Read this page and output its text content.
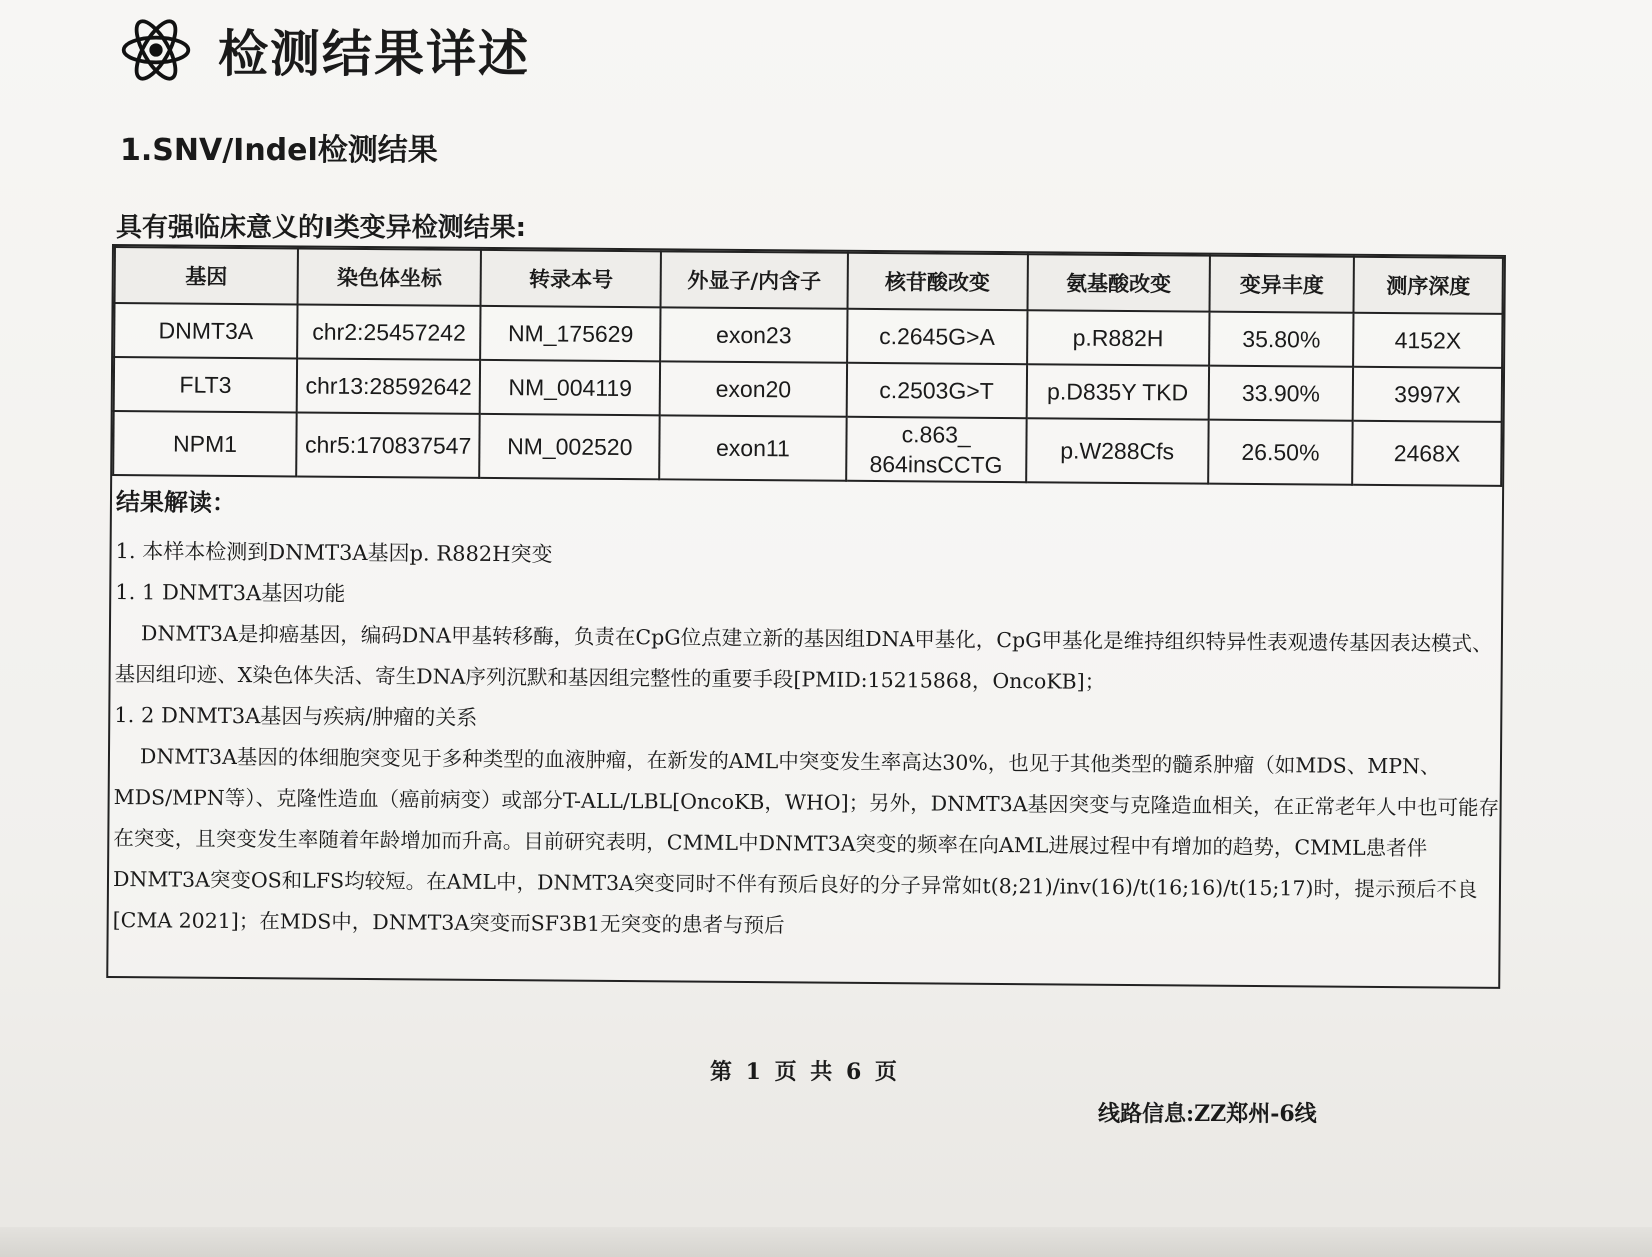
检测结果详述
1.SNV/Indel检测结果
具有强临床意义的I类变异检测结果:
基因	染色体坐标	转录本号	外显子/内含子	核苷酸改变	氨基酸改变	变异丰度	测序深度
DNMT3A	chr2:25457242	NM_175629	exon23	c.2645G>A	p.R882H	35.80%	4152X
FLT3	chr13:28592642	NM_004119	exon20	c.2503G>T	p.D835Y TKD	33.90%	3997X
NPM1	chr5:170837547	NM_002520	exon11	c.863_ 864insCCTG	p.W288Cfs	26.50%	2468X
结果解读：
1. 本样本检测到DNMT3A基因p. R882H突变
1. 1 DNMT3A基因功能
DNMT3A是抑癌基因，编码DNA甲基转移酶，负责在CpG位点建立新的基因组DNA甲基化，CpG甲基化是维持组织特异性表观遗传基因表达模式、基因组印迹、X染色体失活、寄生DNA序列沉默和基因组完整性的重要手段[PMID:15215868，OncoKB]；
1. 2 DNMT3A基因与疾病/肿瘤的关系
DNMT3A基因的体细胞突变见于多种类型的血液肿瘤，在新发的AML中突变发生率高达30%，也见于其他类型的髓系肿瘤（如MDS、MPN、MDS/MPN等）、克隆性造血（癌前病变）或部分T-ALL/LBL[OncoKB，WHO]；另外，DNMT3A基因突变与克隆造血相关，在正常老年人中也可能存在突变，且突变发生率随着年龄增加而升高。目前研究表明，CMML中DNMT3A突变的频率在向AML进展过程中有增加的趋势，CMML患者伴DNMT3A突变OS和LFS均较短。在AML中，DNMT3A突变同时不伴有预后良好的分子异常如t(8;21)/inv(16)/t(16;16)/t(15;17)时，提示预后不良[CMA 2021]；在MDS中，DNMT3A突变而SF3B1无突变的患者与预后
第 1 页 共 6 页
线路信息:ZZ郑州-6线
